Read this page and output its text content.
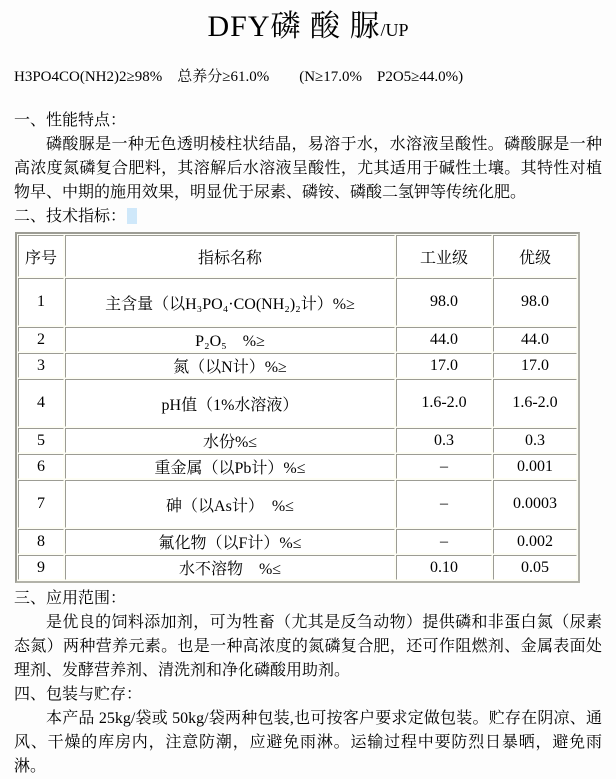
DFY磷 酸 脲/UP

H3PO4CO(NH2)2≥98%　总养分≥61.0%　　(N≥17.0%　P2O5≥44.0%)

一、性能特点：

磷酸脲是一种无色透明棱柱状结晶，易溶于水，水溶液呈酸性。磷酸脲是一种高浓度氮磷复合肥料，其溶解后水溶液呈酸性，尤其适用于碱性土壤。其特性对植物早、中期的施用效果，明显优于尿素、磷铵、磷酸二氢钾等传统化肥。

二、技术指标：

序号	指标名称	工业级	优级
1	主含量（以H₃PO₄·CO(NH₂)₂计）%≥	98.0	98.0
2	P₂O₅　%≥	44.0	44.0
3	氮（以N计）%≥	17.0	17.0
4	pH值（1%水溶液）	1.6-2.0	1.6-2.0
5	水份%≤	0.3	0.3
6	重金属（以Pb计）%≤	–	0.001
7	砷（以As计）　%≤	–	0.0003
8	氟化物（以F计）%≤	–	0.002
9	水不溶物　%≤	0.10	0.05

三、应用范围：

是优良的饲料添加剂，可为牲畜（尤其是反刍动物）提供磷和非蛋白氮（尿素态氮）两种营养元素。也是一种高浓度的氮磷复合肥，还可作阻燃剂、金属表面处理剂、发酵营养剂、清洗剂和净化磷酸用助剂。

四、包装与贮存：

本产品 25kg/袋或 50kg/袋两种包装,也可按客户要求定做包装。贮存在阴凉、通风、干燥的库房内，注意防潮，应避免雨淋。运输过程中要防烈日暴晒，避免雨淋。
